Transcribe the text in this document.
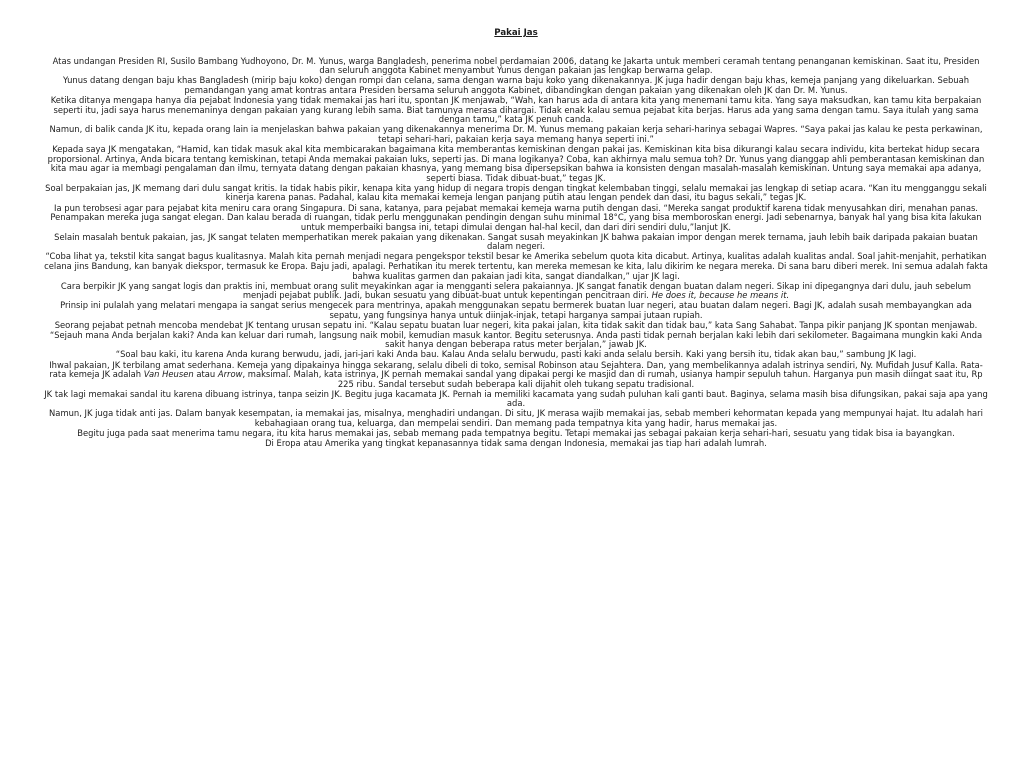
Pakai Jas
Atas undangan Presiden RI, Susilo Bambang Yudhoyono, Dr. M. Yunus, warga Bangladesh, penerima nobel perdamaian 2006, datang ke Jakarta untuk memberi ceramah tentang penanganan kemiskinan. Saat itu, Presiden dan seluruh anggota Kabinet menyambut Yunus dengan pakaian jas lengkap berwarna gelap.
Yunus datang dengan baju khas Bangladesh (mirip baju koko) dengan rompi dan celana, sama dengan warna baju koko yang dikenakannya. JK juga hadir dengan baju khas, kemeja panjang yang dikeluarkan. Sebuah pemandangan yang amat kontras antara Presiden bersama seluruh anggota Kabinet, dibandingkan dengan pakaian yang dikenakan oleh JK dan Dr. M. Yunus.
Ketika ditanya mengapa hanya dia pejabat Indonesia yang tidak memakai jas hari itu, spontan JK menjawab, “Wah, kan harus ada di antara kita yang menemani tamu kita. Yang saya maksudkan, kan tamu kita berpakaian seperti itu, jadi saya harus menemaninya dengan pakaian yang kurang lebih sama. Biat tamunya merasa dihargai. Tidak enak kalau semua pejabat kita berjas. Harus ada yang sama dengan tamu. Saya itulah yang sama dengan tamu,” kata JK penuh canda.
Namun, di balik canda JK itu, kepada orang lain ia menjelaskan bahwa pakaian yang dikenakannya menerima Dr. M. Yunus memang pakaian kerja sehari-harinya sebagai Wapres. “Saya pakai jas kalau ke pesta perkawinan, tetapi sehari-hari, pakaian kerja saya memang hanya seperti ini.”
Kepada saya JK mengatakan, “Hamid, kan tidak masuk akal kita membicarakan bagaimana kita memberantas kemiskinan dengan pakai jas. Kemiskinan kita bisa dikurangi kalau secara individu, kita bertekat hidup secara proporsional. Artinya, Anda bicara tentang kemiskinan, tetapi Anda memakai pakaian luks, seperti jas. Di mana logikanya? Coba, kan akhirnya malu semua toh? Dr. Yunus yang dianggap ahli pemberantasan kemiskinan dan kita mau agar ia membagi pengalaman dan ilmu, ternyata datang dengan pakaian khasnya, yang memang bisa dipersepsikan bahwa ia konsisten dengan masalah-masalah kemiskinan. Untung saya memakai apa adanya, seperti biasa. Tidak dibuat-buat,” tegas JK.
Soal berpakaian jas, JK memang dari dulu sangat kritis. Ia tidak habis pikir, kenapa kita yang hidup di negara tropis dengan tingkat kelembaban tinggi, selalu memakai jas lengkap di setiap acara. “Kan itu mengganggu sekali kinerja karena panas. Padahal, kalau kita memakai kemeja lengan panjang putih atau lengan pendek dan dasi, itu bagus sekali,” tegas JK.
Ia pun terobsesi agar para pejabat kita meniru cara orang Singapura. Di sana, katanya, para pejabat memakai kemeja warna putih dengan dasi. “Mereka sangat produktif karena tidak menyusahkan diri, menahan panas. Penampakan mereka juga sangat elegan. Dan kalau berada di ruangan, tidak perlu menggunakan pendingin dengan suhu minimal 18°C, yang bisa memboroskan energi. Jadi sebenarnya, banyak hal yang bisa kita lakukan untuk memperbaiki bangsa ini, tetapi dimulai dengan hal-hal kecil, dan dari diri sendiri dulu,”lanjut JK.
Selain masalah bentuk pakaian, jas, JK sangat telaten memperhatikan merek pakaian yang dikenakan. Sangat susah meyakinkan JK bahwa pakaian impor dengan merek ternama, jauh lebih baik daripada pakaian buatan dalam negeri.
“Coba lihat ya, tekstil kita sangat bagus kualitasnya. Malah kita pernah menjadi negara pengekspor tekstil besar ke Amerika sebelum quota kita dicabut. Artinya, kualitas adalah kualitas andal. Soal jahit-menjahit, perhatikan celana jins Bandung, kan banyak diekspor, termasuk ke Eropa. Baju jadi, apalagi. Perhatikan itu merek tertentu, kan mereka memesan ke kita, lalu dikirim ke negara mereka. Di sana baru diberi merek. Ini semua adalah fakta bahwa kualitas garmen dan pakaian jadi kita, sangat diandalkan,” ujar JK lagi.
Cara berpikir JK yang sangat logis dan praktis ini, membuat orang sulit meyakinkan agar ia mengganti selera pakaiannya. JK sangat fanatik dengan buatan dalam negeri. Sikap ini dipegangnya dari dulu, jauh sebelum menjadi pejabat publik. Jadi, bukan sesuatu yang dibuat-buat untuk kepentingan pencitraan diri. He does it, because he means it.
Prinsip ini pulalah yang melatari mengapa ia sangat serius mengecek para mentrinya, apakah menggunakan sepatu bermerek buatan luar negeri, atau buatan dalam negeri. Bagi JK, adalah susah membayangkan ada sepatu, yang fungsinya hanya untuk diinjak-injak, tetapi harganya sampai jutaan rupiah.
Seorang pejabat petnah mencoba mendebat JK tentang urusan sepatu ini. “Kalau sepatu buatan luar negeri, kita pakai jalan, kita tidak sakit dan tidak bau,” kata Sang Sahabat. Tanpa pikir panjang JK spontan menjawab. “Sejauh mana Anda berjalan kaki? Anda kan keluar dari rumah, langsung naik mobil, kemudian masuk kantor. Begitu seterusnya. Anda pasti tidak pernah berjalan kaki lebih dari sekilometer. Bagaimana mungkin kaki Anda sakit hanya dengan beberapa ratus meter berjalan,” jawab JK.
“Soal bau kaki, itu karena Anda kurang berwudu, jadi, jari-jari kaki Anda bau. Kalau Anda selalu berwudu, pasti kaki anda selalu bersih. Kaki yang bersih itu, tidak akan bau,” sambung JK lagi.
Ihwal pakaian, JK terbilang amat sederhana. Kemeja yang dipakainya hingga sekarang, selalu dibeli di toko, semisal Robinson atau Sejahtera. Dan, yang membelikannya adalah istrinya sendiri, Ny. Mufidah Jusuf Kalla. Rata-rata kemeja JK adalah Van Heusen atau Arrow, maksimal. Malah, kata istrinya, JK pernah memakai sandal yang dipakai pergi ke masjid dan di rumah, usianya hampir sepuluh tahun. Harganya pun masih diingat saat itu, Rp 225 ribu. Sandal tersebut sudah beberapa kali dijahit oleh tukang sepatu tradisional.
JK tak lagi memakai sandal itu karena dibuang istrinya, tanpa seizin JK. Begitu juga kacamata JK. Pernah ia memiliki kacamata yang sudah puluhan kali ganti baut. Baginya, selama masih bisa difungsikan, pakai saja apa yang ada.
Namun, JK juga tidak anti jas. Dalam banyak kesempatan, ia memakai jas, misalnya, menghadiri undangan. Di situ, JK merasa wajib memakai jas, sebab memberi kehormatan kepada yang mempunyai hajat. Itu adalah hari kebahagiaan orang tua, keluarga, dan mempelai sendiri. Dan memang pada tempatnya kita yang hadir, harus memakai jas.
Begitu juga pada saat menerima tamu negara, itu kita harus memakai jas, sebab memang pada tempatnya begitu. Tetapi memakai jas sebagai pakaian kerja sehari-hari, sesuatu yang tidak bisa ia bayangkan.
Di Eropa atau Amerika yang tingkat kepanasannya tidak sama dengan Indonesia, memakai jas tiap hari adalah lumrah.
